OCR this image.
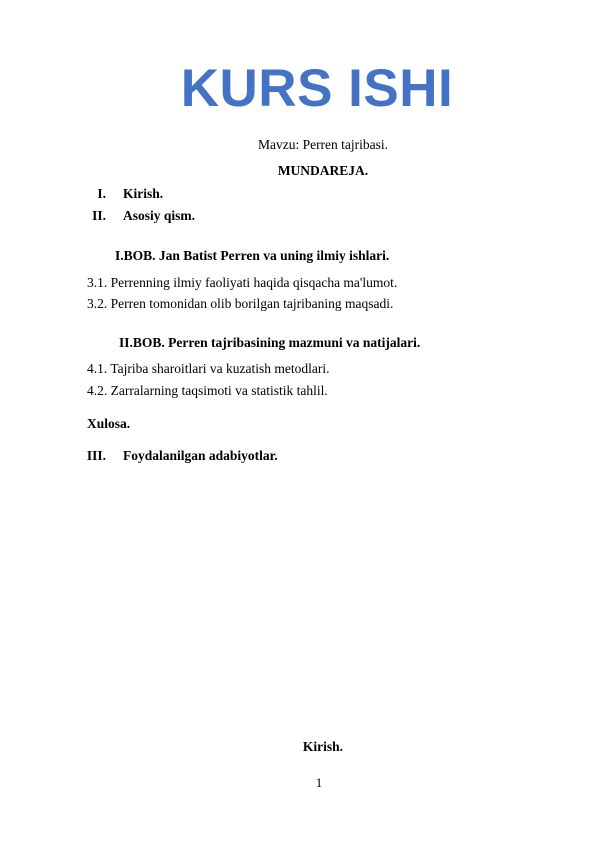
KURS ISHI
Mavzu: Perren tajribasi.
MUNDAREJA.
I. Kirish.
II. Asosiy qism.
I.BOB. Jan Batist Perren va uning ilmiy ishlari.
3.1. Perrenning ilmiy faoliyati haqida qisqacha ma'lumot.
3.2. Perren tomonidan olib borilgan tajribaning maqsadi.
II.BOB. Perren tajribasining mazmuni va natijalari.
4.1. Tajriba sharoitlari va kuzatish metodlari.
4.2. Zarralarning taqsimoti va statistik tahlil.
Xulosa.
III. Foydalanilgan adabiyotlar.
Kirish.
1
